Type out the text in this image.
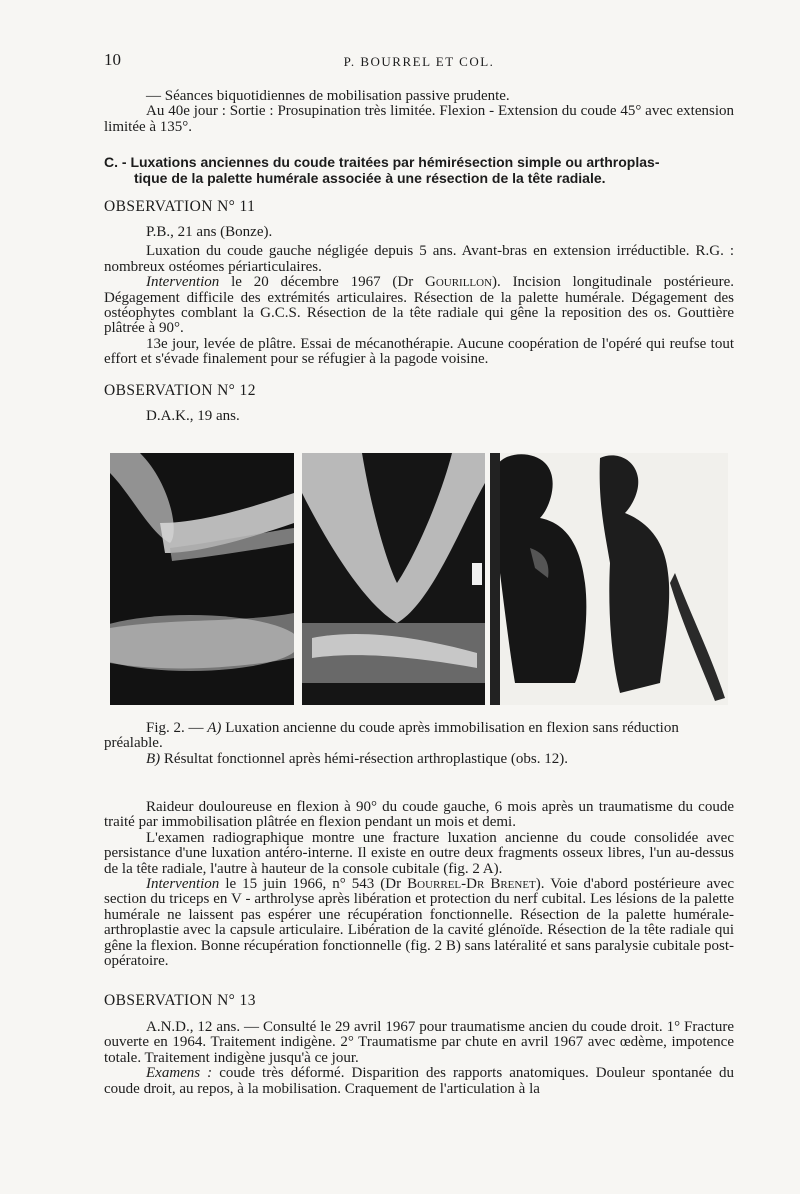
10	P. BOURREL ET COL.

— Séances biquotidiennes de mobilisation passive prudente.

Au 40e jour : Sortie : Prosupination très limitée. Flexion - Extension du coude 45° avec extension limitée à 135°.

C. - Luxations anciennes du coude traitées par hémirésection simple ou arthroplas-
tique de la palette humérale associée à une résection de la tête radiale.
OBSERVATION N° 11

P.B., 21 ans (Bonze).

Luxation du coude gauche négligée depuis 5 ans. Avant-bras en extension irréductible. R.G. : nombreux ostéomes périarticulaires.

Intervention le 20 décembre 1967 (Dr Gourillon). Incision longitudinale postérieure. Dégagement difficile des extrémités articulaires. Résection de la palette humérale. Dégagement des ostéophytes comblant la G.C.S. Résection de la tête radiale qui gêne la reposition des os. Gouttière plâtrée à 90°.

13e jour, levée de plâtre. Essai de mécanothérapie. Aucune coopération de l'opéré qui reufse tout effort et s'évade finalement pour se réfugier à la pagode voisine.

OBSERVATION N° 12

D.A.K., 19 ans.

Fig. 2. — A) Luxation ancienne du coude après immobilisation en flexion sans réduction préalable.

B) Résultat fonctionnel après hémi-résection arthroplastique (obs. 12).

Raideur douloureuse en flexion à 90° du coude gauche, 6 mois après un traumatisme du coude traité par immobilisation plâtrée en flexion pendant un mois et demi.

L'examen radiographique montre une fracture luxation ancienne du coude consolidée avec persistance d'une luxation antéro-interne. Il existe en outre deux fragments osseux libres, l'un au-dessus de la tête radiale, l'autre à hauteur de la console cubitale (fig. 2 A).

Intervention le 15 juin 1966, n° 543 (Dr Bourrel-Dr Brenet). Voie d'abord postérieure avec section du triceps en V - arthrolyse après libération et protection du nerf cubital. Les lésions de la palette humérale ne laissent pas espérer une récupération fonctionnelle. Résection de la palette humérale-arthroplastie avec la capsule articulaire. Libération de la cavité glénoïde. Résection de la tête radiale qui gêne la flexion. Bonne récupération fonctionnelle (fig. 2 B) sans latéralité et sans paralysie cubitale post-opératoire.

OBSERVATION N° 13

A.N.D., 12 ans. — Consulté le 29 avril 1967 pour traumatisme ancien du coude droit. 1° Fracture ouverte en 1964. Traitement indigène. 2° Traumatisme par chute en avril 1967 avec œdème, impotence totale. Traitement indigène jusqu'à ce jour.

Examens : coude très déformé. Disparition des rapports anatomiques. Douleur spontanée du coude droit, au repos, à la mobilisation. Craquement de l'articulation à la
